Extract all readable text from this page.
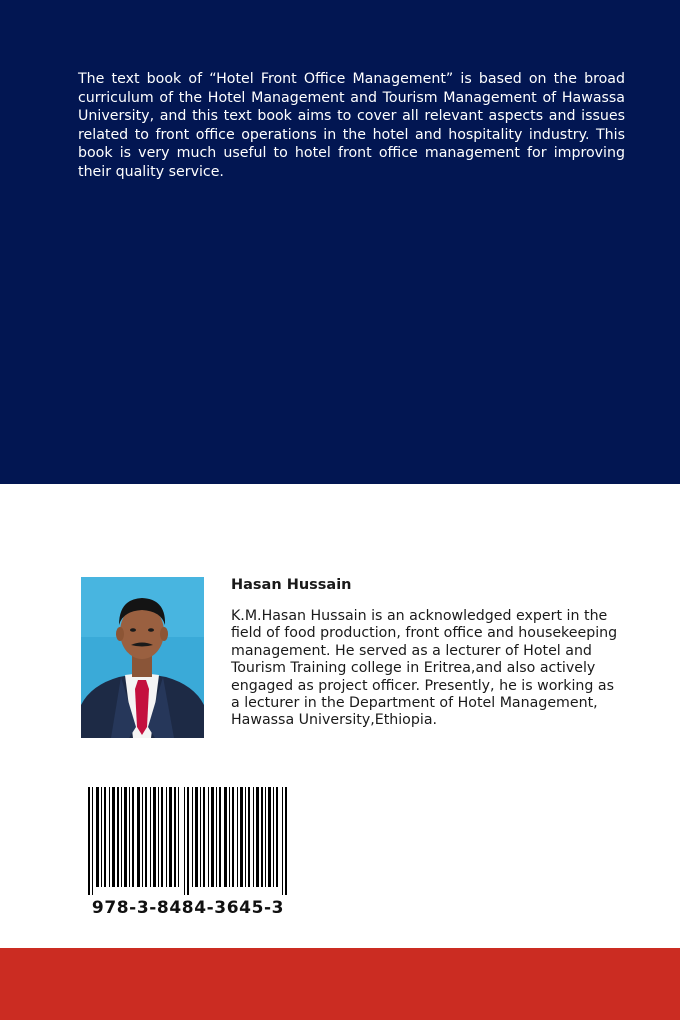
The text book of “Hotel Front Office Management” is based on the broad curriculum of the Hotel Management and Tourism Management of Hawassa University, and this text book aims to cover all relevant aspects and issues related to front office operations in the hotel and hospitality industry. This book is very much useful to hotel front office management for improving their quality service.

Hasan Hussain

K.M.Hasan Hussain is an acknowledged expert in the field of food production, front office and housekeeping management. He served as a lecturer of Hotel and Tourism Training college in Eritrea,and also actively engaged as project officer. Presently, he is working as a lecturer in the Department of Hotel Management, Hawassa University,Ethiopia.

978-3-8484-3645-3
